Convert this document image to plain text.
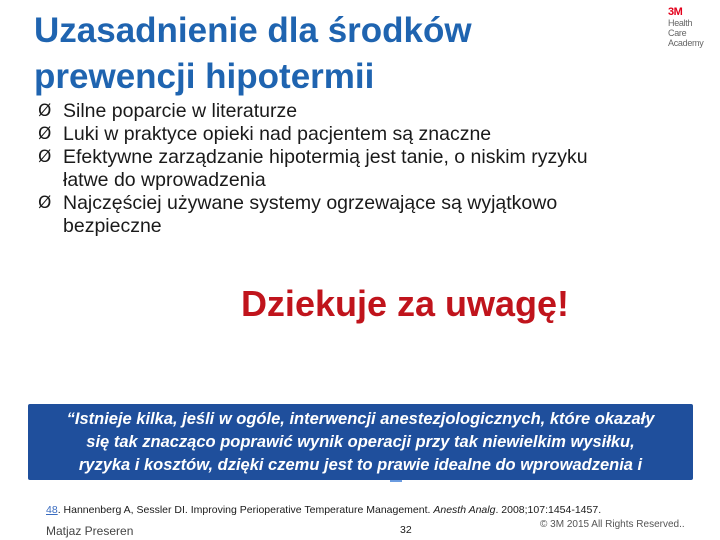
Uzasadnienie dla środków
prewencji hipotermii
3M
Health
Care
Academy
Ø Silne poparcie w literaturze
Ø Luki w praktyce opieki nad pacjentem są znaczne
Ø Efektywne zarządzanie hipotermią jest tanie, o niskim ryzyku
łatwe do wprowadzenia
Ø Najczęściej używane systemy ogrzewające są wyjątkowo
bezpieczne
Dziekuje za uwagę!
“Istnieje kilka, jeśli w ogóle, interwencji anestezjologicznych, które okazały
się tak znacząco poprawić wynik operacji przy tak niewielkim wysiłku,
ryzyka i kosztów, dzięki czemu jest to prawie idealne do wprowadzenia i
48. Hannenberg A, Sessler DI. Improving Perioperative Temperature Management. Anesth Analg. 2008;107:1454-1457.
Matjaz Preseren	32	© 3M 2015 All Rights Reserved..
